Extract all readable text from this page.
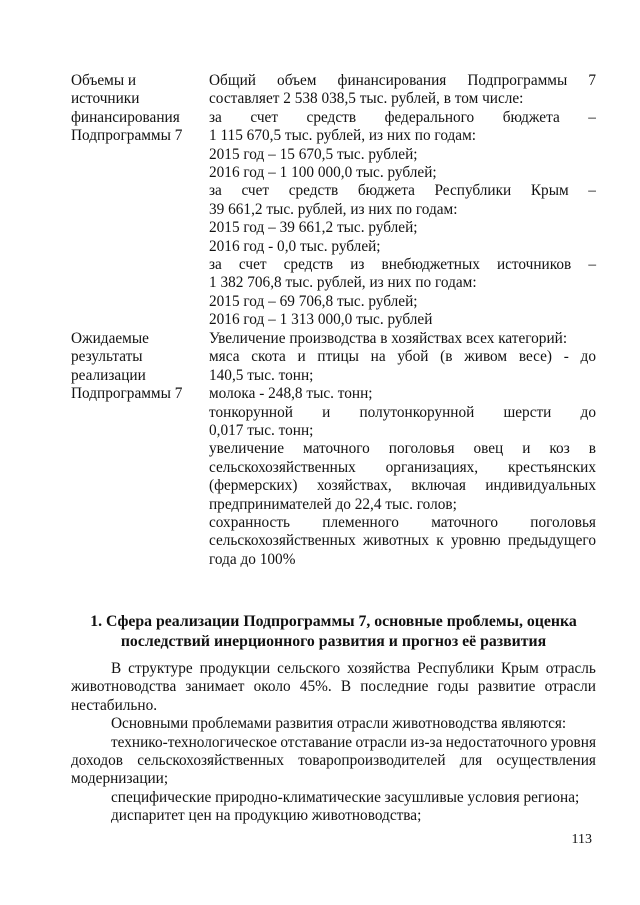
Объемы и
источники
финансирования
Подпрограммы 7
Общий объем финансирования Подпрограммы 7
составляет 2 538 038,5 тыс. рублей, в том числе:
за счет средств федерального бюджета –
1 115 670,5 тыс. рублей, из них по годам:
2015 год – 15 670,5 тыс. рублей;
2016 год – 1 100 000,0 тыс. рублей;
за счет средств бюджета Республики Крым –
39 661,2 тыс. рублей, из них по годам:
2015 год – 39 661,2 тыс. рублей;
2016 год - 0,0 тыс. рублей;
за счет средств из внебюджетных источников –
1 382 706,8 тыс. рублей, из них по годам:
2015 год – 69 706,8 тыс. рублей;
2016 год – 1 313 000,0 тыс. рублей
Ожидаемые
результаты
реализации
Подпрограммы 7
Увеличение производства в хозяйствах всех категорий:
мяса скота и птицы на убой (в живом весе) - до
140,5 тыс. тонн;
молока - 248,8 тыс. тонн;
тонкорунной и полутонкорунной шерсти до
0,017 тыс. тонн;
увеличение маточного поголовья овец и коз в
сельскохозяйственных организациях, крестьянских
(фермерских) хозяйствах, включая индивидуальных
предпринимателей до 22,4 тыс. голов;
сохранность племенного маточного поголовья
сельскохозяйственных животных к уровню предыдущего
года до 100%
1. Сфера реализации Подпрограммы 7, основные проблемы, оценка
последствий инерционного развития и прогноз её развития
В структуре продукции сельского хозяйства Республики Крым отрасль
животноводства занимает около 45%. В последние годы развитие отрасли
нестабильно.
Основными проблемами развития отрасли животноводства являются:
технико-технологическое отставание отрасли из-за недостаточного уровня
доходов сельскохозяйственных товаропроизводителей для осуществления
модернизации;
специфические природно-климатические засушливые условия региона;
диспаритет цен на продукцию животноводства;
113
